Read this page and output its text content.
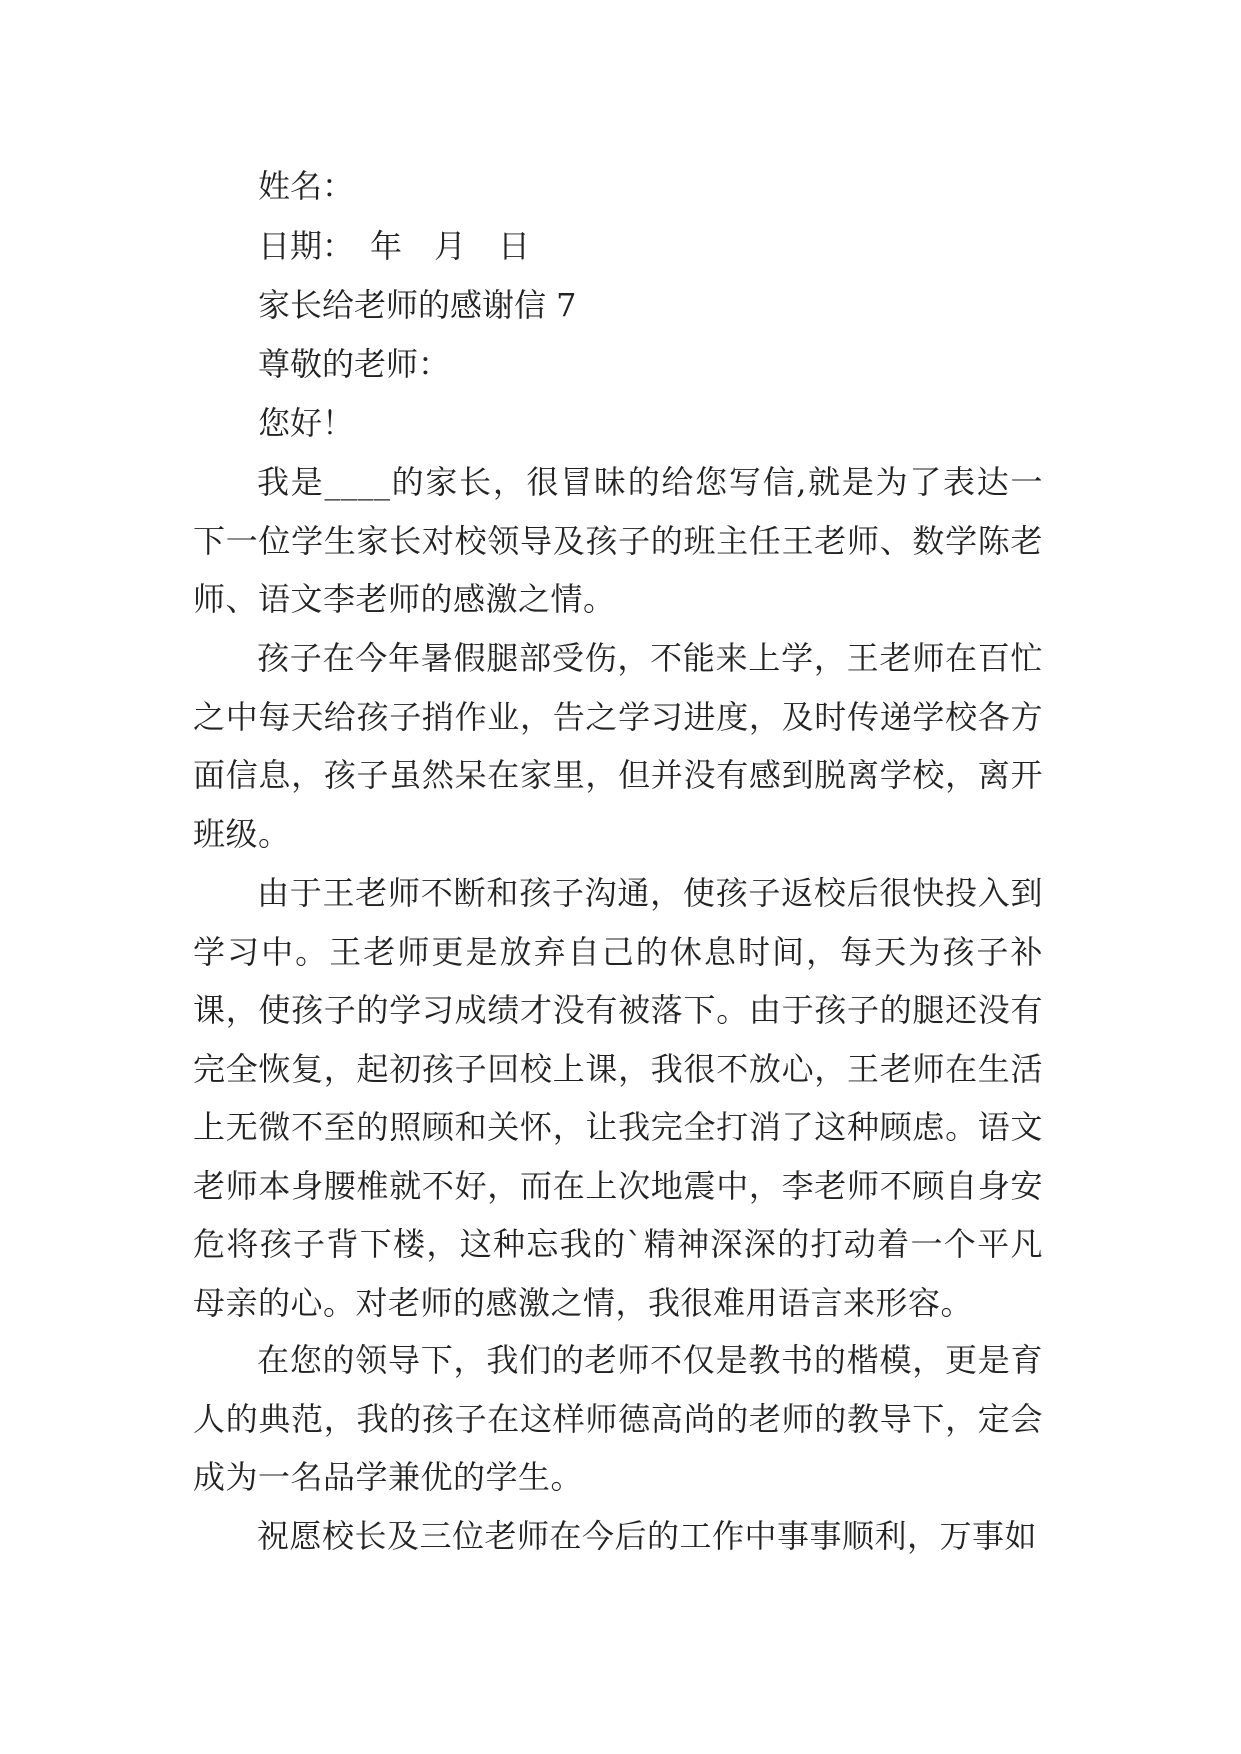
姓名：
日期：　年　月　日
家长给老师的感谢信 7
尊敬的老师：
您好！

我是____的家长，很冒昧的给您写信,就是为了表达一下一位学生家长对校领导及孩子的班主任王老师、数学陈老师、语文李老师的感激之情。

孩子在今年暑假腿部受伤，不能来上学，王老师在百忙之中每天给孩子捎作业，告之学习进度，及时传递学校各方面信息，孩子虽然呆在家里，但并没有感到脱离学校，离开班级。

由于王老师不断和孩子沟通，使孩子返校后很快投入到学习中。王老师更是放弃自己的休息时间，每天为孩子补课，使孩子的学习成绩才没有被落下。由于孩子的腿还没有完全恢复，起初孩子回校上课，我很不放心，王老师在生活上无微不至的照顾和关怀，让我完全打消了这种顾虑。语文老师本身腰椎就不好，而在上次地震中，李老师不顾自身安危将孩子背下楼，这种忘我的`精神深深的打动着一个平凡母亲的心。对老师的感激之情，我很难用语言来形容。

在您的领导下，我们的老师不仅是教书的楷模，更是育人的典范，我的孩子在这样师德高尚的老师的教导下，定会成为一名品学兼优的学生。

祝愿校长及三位老师在今后的工作中事事顺利，万事如
